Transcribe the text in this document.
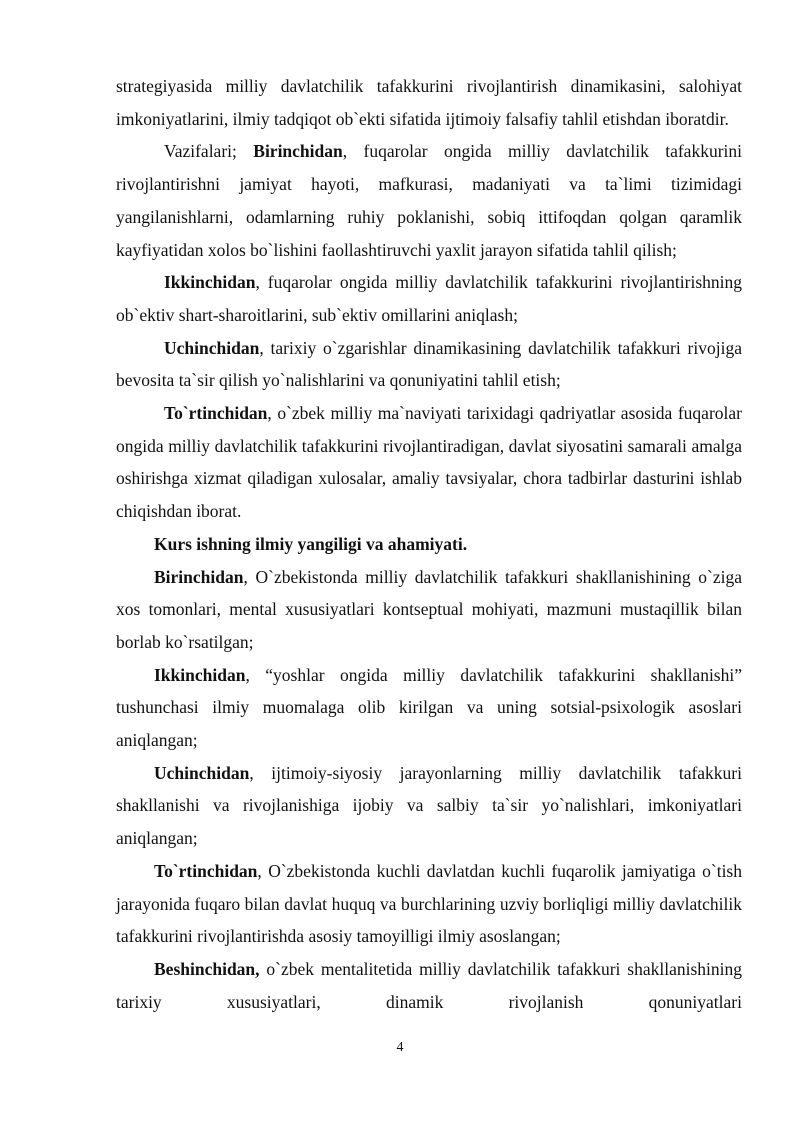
strategiyasida milliy davlatchilik tafakkurini rivojlantirish dinamikasini, salohiyat imkoniyatlarini, ilmiy tadqiqot ob`ekti sifatida ijtimoiy falsafiy tahlil etishdan iboratdir.

Vazifalari; Birinchidan, fuqarolar ongida milliy davlatchilik tafakkurini rivojlantirishni jamiyat hayoti, mafkurasi, madaniyati va ta`limi tizimidagi yangilanishlarni, odamlarning ruhiy poklanishi, sobiq ittifoqdan qolgan qaramlik kayfiyatidan xolos bo`lishini faollashtiruvchi yaxlit jarayon sifatida tahlil qilish;

Ikkinchidan, fuqarolar ongida milliy davlatchilik tafakkurini rivojlantirishning ob`ektiv shart-sharoitlarini, sub`ektiv omillarini aniqlash;

Uchinchidan, tarixiy o`zgarishlar dinamikasining davlatchilik tafakkuri rivojiga bevosita ta`sir qilish yo`nalishlarini va qonuniyatini tahlil etish;

To`rtinchidan, o`zbek milliy ma`naviyati tarixidagi qadriyatlar asosida fuqarolar ongida milliy davlatchilik tafakkurini rivojlantiradigan, davlat siyosatini samarali amalga oshirishga xizmat qiladigan xulosalar, amaliy tavsiyalar, chora tadbirlar dasturini ishlab chiqishdan iborat.

Kurs ishning ilmiy yangiligi va ahamiyati.

Birinchidan, O`zbekistonda milliy davlatchilik tafakkuri shakllanishining o`ziga xos tomonlari, mental xususiyatlari kontseptual mohiyati, mazmuni mustaqillik bilan borlab ko`rsatilgan;

Ikkinchidan, “yoshlar ongida milliy davlatchilik tafakkurini shakllanishi” tushunchasi ilmiy muomalaga olib kirilgan va uning sotsial-psixologik asoslari aniqlangan;

Uchinchidan, ijtimoiy-siyosiy jarayonlarning milliy davlatchilik tafakkuri shakllanishi va rivojlanishiga ijobiy va salbiy ta`sir yo`nalishlari, imkoniyatlari aniqlangan;

To`rtinchidan, O`zbekistonda kuchli davlatdan kuchli fuqarolik jamiyatiga o`tish jarayonida fuqaro bilan davlat huquq va burchlarining uzviy borliqligi milliy davlatchilik tafakkurini rivojlantirishda asosiy tamoyilligi ilmiy asoslangan;

Beshinchidan, o`zbek mentalitetida milliy davlatchilik tafakkuri shakllanishining tarixiy xususiyatlari, dinamik rivojlanish qonuniyatlari

4
